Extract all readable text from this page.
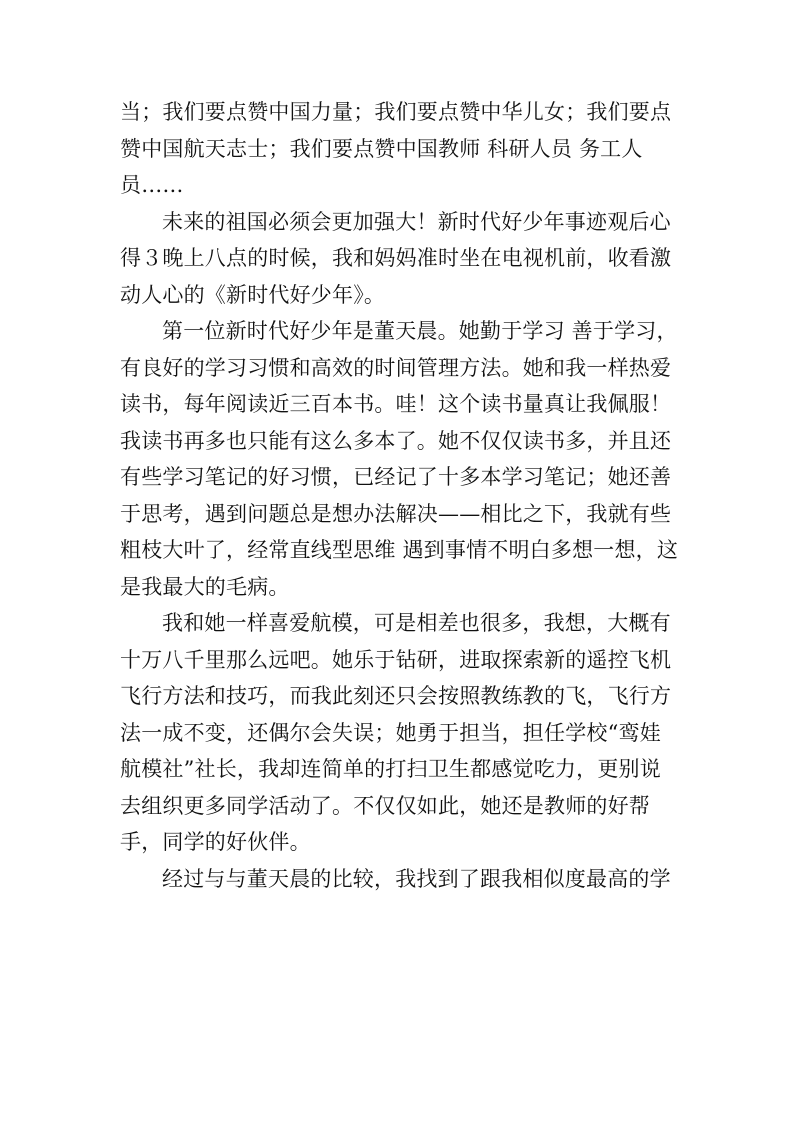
当；我们要点赞中国力量；我们要点赞中华儿女；我们要点赞中国航天志士；我们要点赞中国教师 科研人员 务工人员……

未来的祖国必须会更加强大！新时代好少年事迹观后心得３晚上八点的时候，我和妈妈准时坐在电视机前，收看激动人心的《新时代好少年》。

第一位新时代好少年是董天晨。她勤于学习 善于学习，有良好的学习习惯和高效的时间管理方法。她和我一样热爱读书，每年阅读近三百本书。哇！这个读书量真让我佩服！我读书再多也只能有这么多本了。她不仅仅读书多，并且还有些学习笔记的好习惯，已经记了十多本学习笔记；她还善于思考，遇到问题总是想办法解决——相比之下，我就有些粗枝大叶了，经常直线型思维 遇到事情不明白多想一想，这是我最大的毛病。

我和她一样喜爱航模，可是相差也很多，我想，大概有十万八千里那么远吧。她乐于钻研，进取探索新的遥控飞机飞行方法和技巧，而我此刻还只会按照教练教的飞，飞行方法一成不变，还偶尔会失误；她勇于担当，担任学校“鸾娃航模社”社长，我却连简单的打扫卫生都感觉吃力，更别说去组织更多同学活动了。不仅仅如此，她还是教师的好帮手，同学的好伙伴。

经过与与董天晨的比较，我找到了跟我相似度最高的学
